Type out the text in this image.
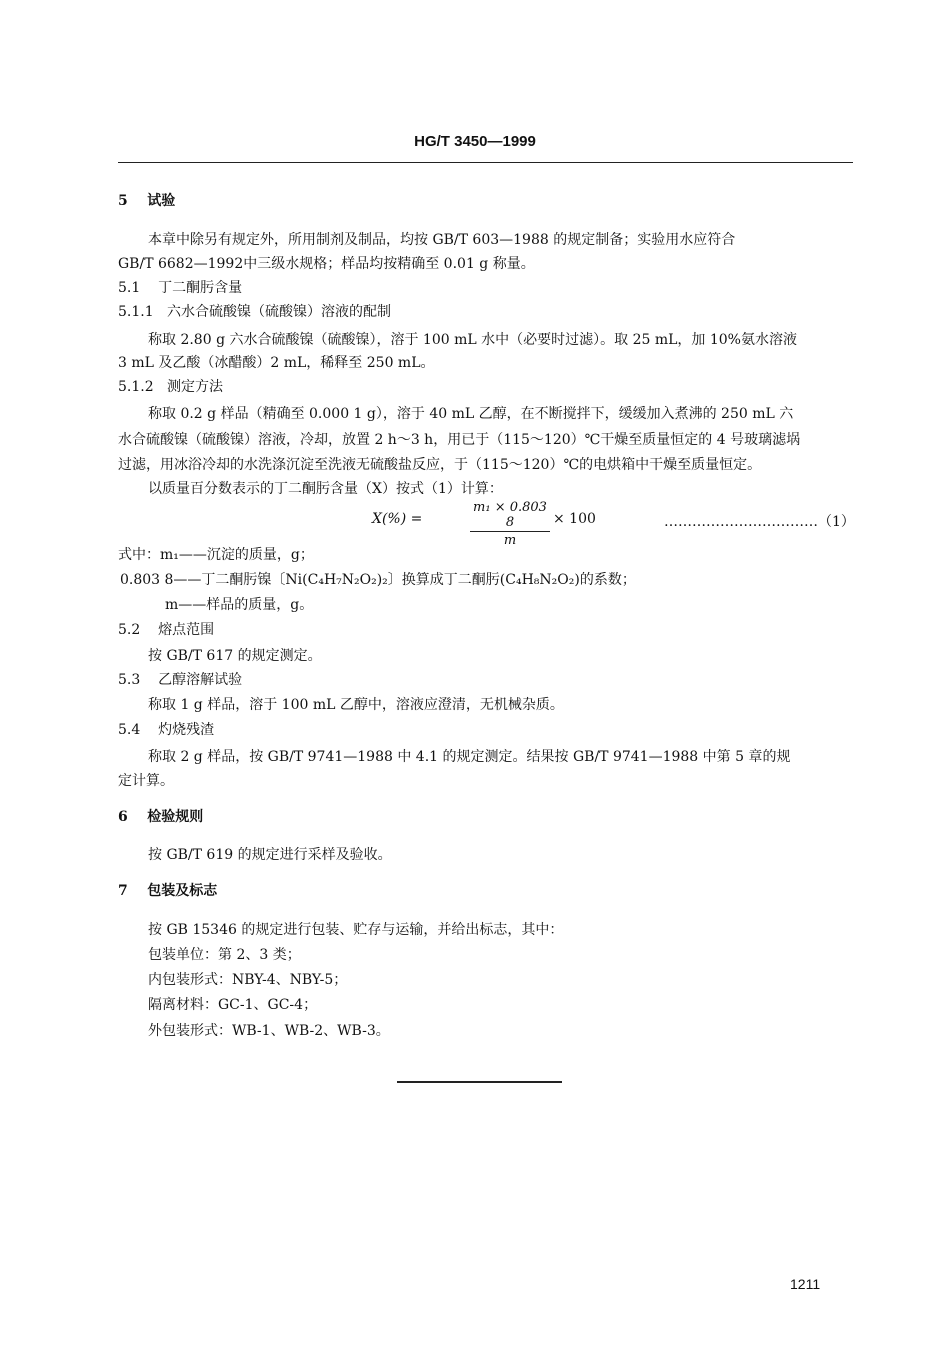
HG/T 3450—1999
5 试验
本章中除另有规定外，所用制剂及制品，均按 GB/T 603—1988 的规定制备；实验用水应符合
GB/T 6682—1992中三级水规格；样品均按精确至 0.01 g 称量。
5.1 丁二酮肟含量
5.1.1 六水合硫酸镍（硫酸镍）溶液的配制
称取 2.80 g 六水合硫酸镍（硫酸镍），溶于 100 mL 水中（必要时过滤）。取 25 mL，加 10%氨水溶液
3 mL 及乙酸（冰醋酸）2 mL，稀释至 250 mL。
5.1.2 测定方法
称取 0.2 g 样品（精确至 0.000 1 g），溶于 40 mL 乙醇，在不断搅拌下，缓缓加入煮沸的 250 mL 六
水合硫酸镍（硫酸镍）溶液，冷却，放置 2 h～3 h，用已于（115～120）℃干燥至质量恒定的 4 号玻璃滤埚
过滤，用冰浴冷却的水洗涤沉淀至洗液无硫酸盐反应，于（115～120）℃的电烘箱中干燥至质量恒定。
以质量百分数表示的丁二酮肟含量（X）按式（1）计算：
X(%) =
m₁ × 0.803 8
m
× 100	……………………………（1）
式中：m₁——沉淀的质量，g；
0.803 8——丁二酮肟镍〔Ni(C₄H₇N₂O₂)₂〕换算成丁二酮肟(C₄H₈N₂O₂)的系数；
m——样品的质量，g。
5.2 熔点范围
按 GB/T 617 的规定测定。
5.3 乙醇溶解试验
称取 1 g 样品，溶于 100 mL 乙醇中，溶液应澄清，无机械杂质。
5.4 灼烧残渣
称取 2 g 样品，按 GB/T 9741—1988 中 4.1 的规定测定。结果按 GB/T 9741—1988 中第 5 章的规
定计算。
6 检验规则
按 GB/T 619 的规定进行采样及验收。
7 包装及标志
按 GB 15346 的规定进行包装、贮存与运输，并给出标志，其中：
包装单位：第 2、3 类；
内包装形式：NBY-4、NBY-5；
隔离材料：GC-1、GC-4；
外包装形式：WB-1、WB-2、WB-3。
1211
